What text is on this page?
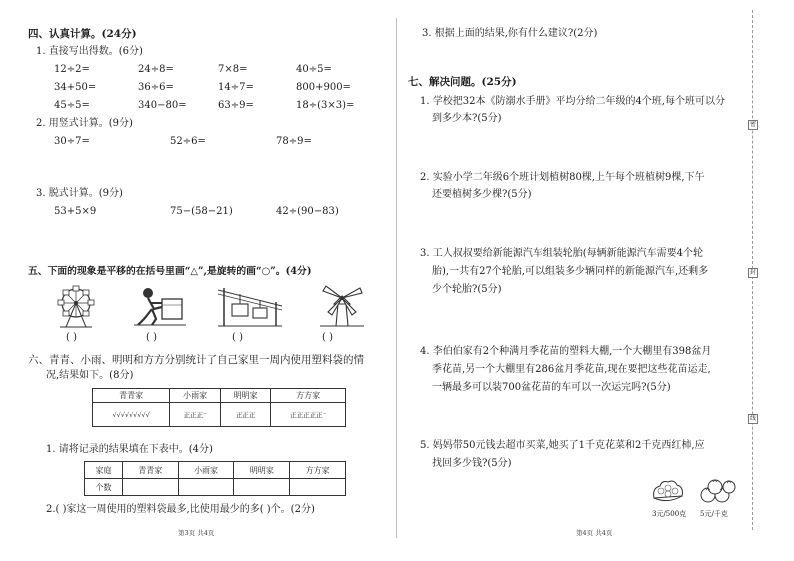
四、认真计算。(24分)
1. 直接写出得数。(6分)
12÷2=	24÷8=	7×8=	40÷5=
34+50=	36÷6=	14÷7=	800+900=
45÷5=	340−80=	63÷9=	18÷(3×3)=
2. 用竖式计算。(9分)
30÷7=	52÷6=	78÷9=
3. 脱式计算。(9分)
53+5×9	75−(58−21)	42÷(90−83)
五、下面的现象是平移的在括号里画“△”,是旋转的画“○”。(4分)
( )	( )	( )	( )
六、青青、小雨、明明和方方分别统计了自己家里一周内使用塑料袋的情
况,结果如下。(8分)
青青家	小雨家	明明家	方方家
√√√√√√√√√	正正正⁻	正正正	正正正正正⁻
1. 请将记录的结果填在下表中。(4分)
家庭	青青家	小雨家	明明家	方方家
个数				
2.( )家这一周使用的塑料袋最多,比使用最少的多( )个。(2分)
第3页 共4页
3. 根据上面的结果,你有什么建议?(2分)
七、解决问题。(25分)
1. 学校把32本《防溺水手册》平均分给二年级的4个班,每个班可以分
到多少本?(5分)
2. 实验小学二年级6个班计划植树80棵,上午每个班植树9棵,下午
还要植树多少棵?(5分)
3. 工人叔叔要给新能源汽车组装轮胎(每辆新能源汽车需要4个轮
胎),一共有27个轮胎,可以组装多少辆同样的新能源汽车,还剩多
少个轮胎?(5分)
4. 李伯伯家有2个种满月季花苗的塑料大棚,一个大棚里有398盆月
季花苗,另一个大棚里有286盆月季花苗,现在要把这些花苗运走,
一辆最多可以装700盆花苗的车可以一次运完吗?(5分)
5. 妈妈带50元钱去超市买菜,她买了1千克花菜和2千克西红柿,应
找回多少钱?(5分)
3元/500克 5元/千克
第4页 共4页
密
封
线
